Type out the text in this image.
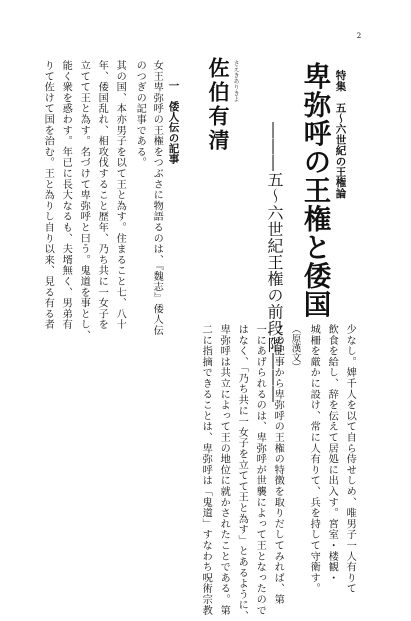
2
特集　五〜六世紀の王権論
卑弥呼の王権と倭国
―――五〜六世紀王権の前段階―――
さえきありきよ
佐伯有清
一　倭人伝の記事
女王卑弥呼の王権をつぶさに物語るのは、『魏志』倭人伝
のつぎの記事である。
其の国、本亦男子を以て王と為す。住まること七、八十
年、倭国乱れ、相攻伐すること歴年、乃ち共に一女子を
立てて王と為す。名づけて卑弥呼と曰う。鬼道を事とし、
能く衆を惑わす。年已に長大なるも、夫壻無く、男弟有
りて佐けて国を治む。王と為りし自り以来、見る有る者
少なし。婢千人を以て自ら侍せしめ、唯男子一人有りて
飲食を給し、辞を伝えて居処に出入す。宮室・楼観・
城柵を厳かに設け、常に人有りて、兵を持して守衛す。
（原漢文）
この記事から卑弥呼の王権の特徴を取りだしてみれば、第
一にあげられるのは、卑弥呼が世襲によって王となったので
はなく、「乃ち共に一女子を立てて王と為す」とあるように、
卑弥呼は共立によって王の地位に就かされたことである。第
二に指摘できることは、卑弥呼は「鬼道」すなわち呪術宗教
